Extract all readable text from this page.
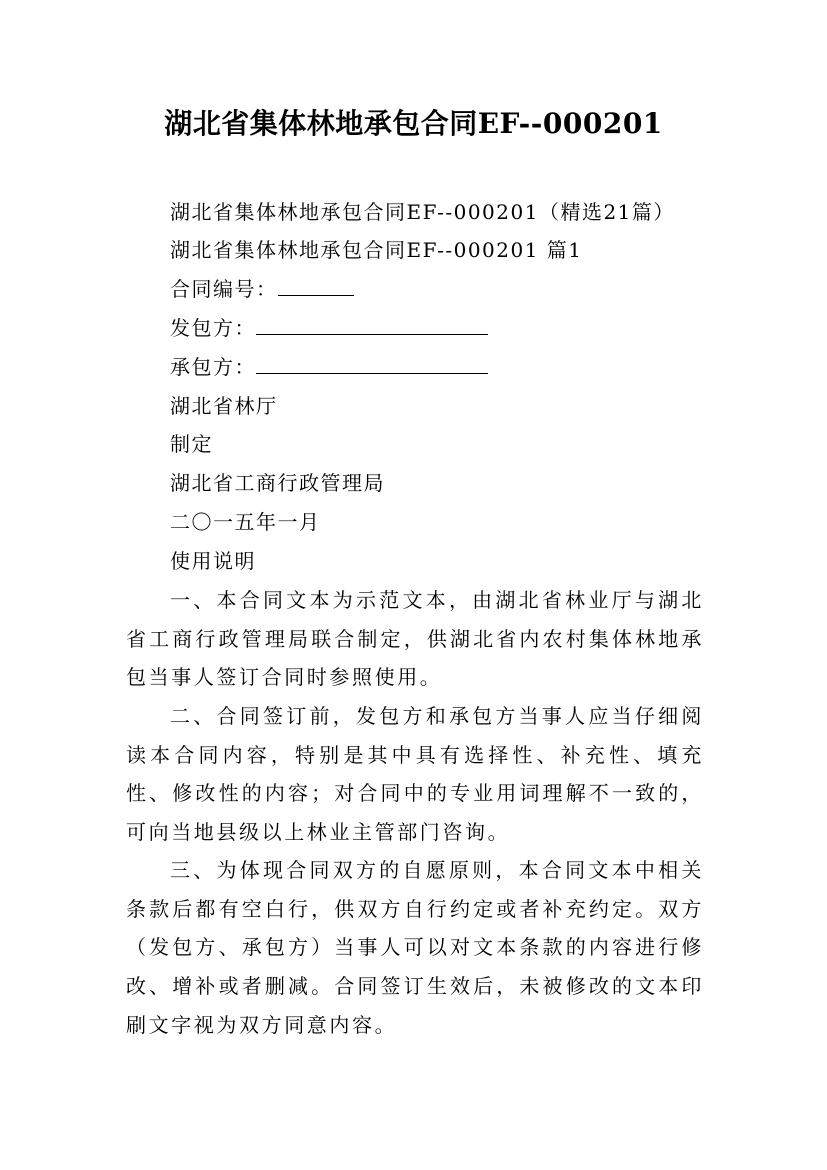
湖北省集体林地承包合同EF--000201

湖北省集体林地承包合同EF--000201（精选21篇）

湖北省集体林地承包合同EF--000201 篇1

合同编号：

发包方：

承包方：

湖北省林厅

制定

湖北省工商行政管理局

二〇一五年一月

使用说明

一、本合同文本为示范文本，由湖北省林业厅与湖北省工商行政管理局联合制定，供湖北省内农村集体林地承包当事人签订合同时参照使用。

二、合同签订前，发包方和承包方当事人应当仔细阅读本合同内容，特别是其中具有选择性、补充性、填充性、修改性的内容；对合同中的专业用词理解不一致的，可向当地县级以上林业主管部门咨询。

三、为体现合同双方的自愿原则，本合同文本中相关条款后都有空白行，供双方自行约定或者补充约定。双方（发包方、承包方）当事人可以对文本条款的内容进行修改、增补或者删减。合同签订生效后，未被修改的文本印刷文字视为双方同意内容。
